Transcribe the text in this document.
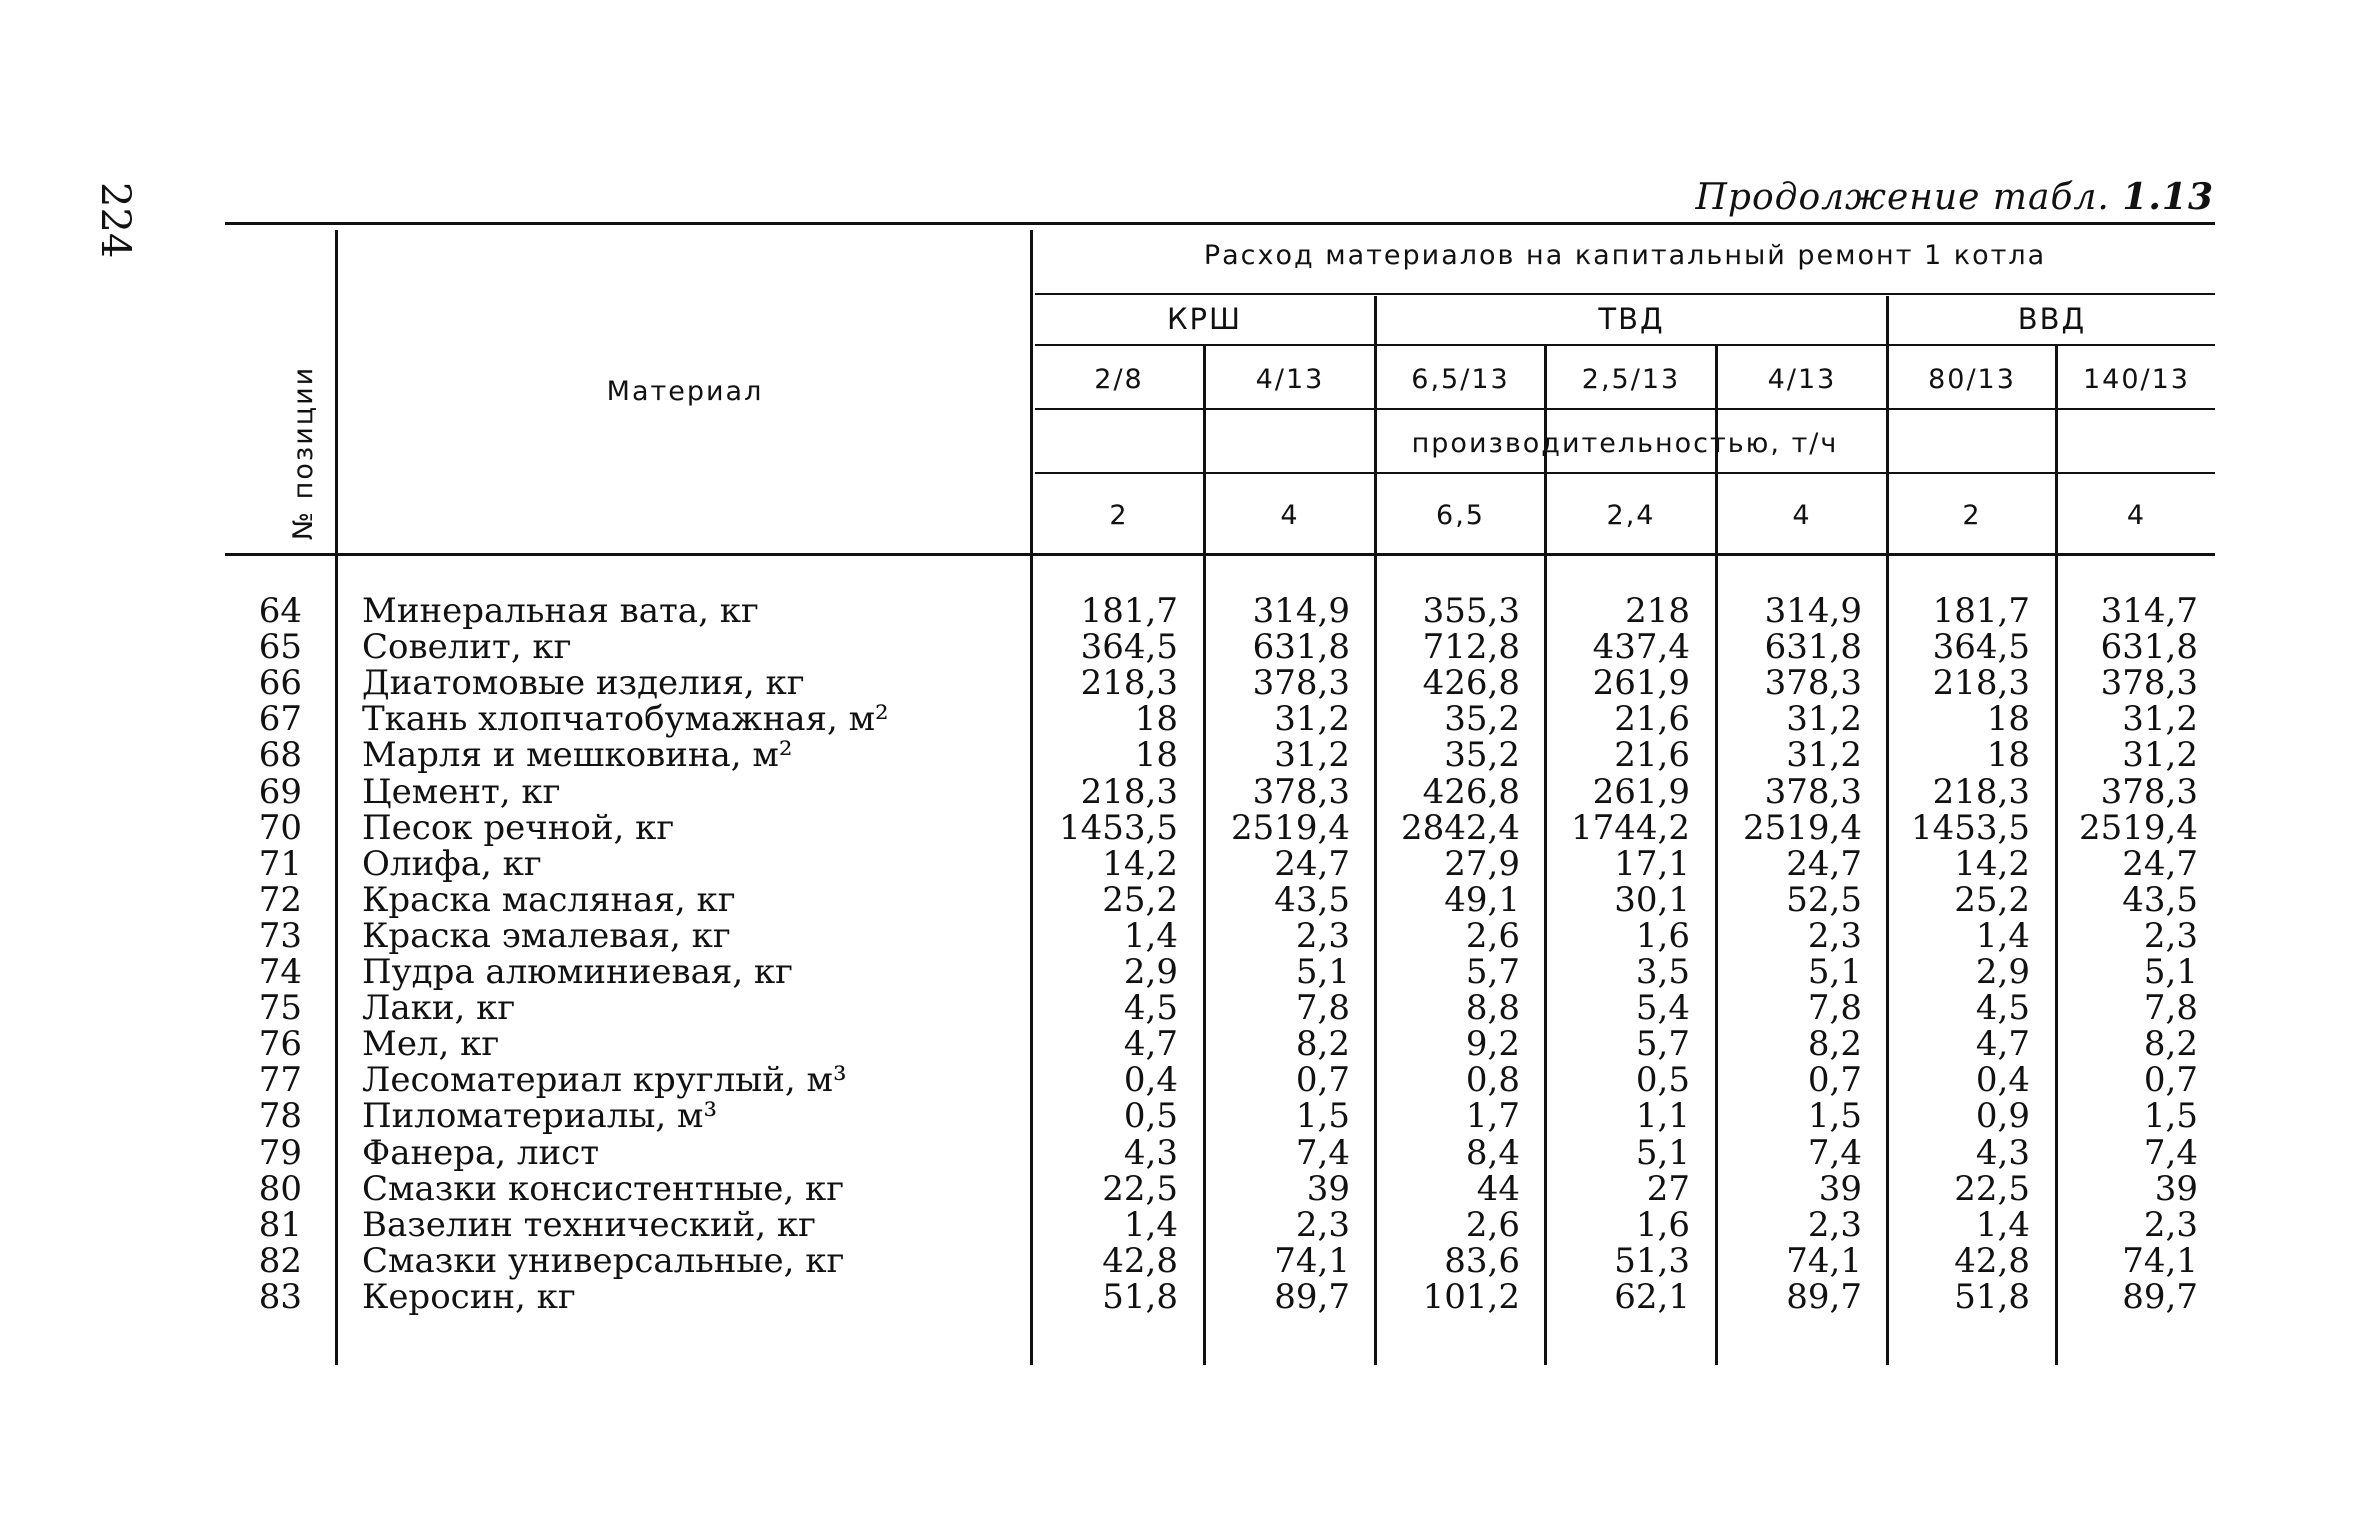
224	Продолжение табл. 1.13
№ позиции	Материал
Расход материалов на капитальный ремонт 1 котла
КРШ	ТВД	ВВД
2/8	4/13	6,5/13	2,5/13	4/13	80/13	140/13
производительностью, т/ч
2	4	6,5	2,4	4	2	4
64 Минеральная вата, кг	181,7 314,9 355,3	218 314,9 181,7 314,7
65 Совелит, кг	364,5 631,8 712,8 437,4 631,8 364,5 631,8
66 Диатомовые изделия, кг	218,3 378,3 426,8 261,9 378,3 218,3 378,3
67 Ткань хлопчатобумажная, м²	18	31,2	35,2	21,6	31,2	18	31,2
68 Марля и мешковина, м²	18	31,2	35,2	21,6	31,2	18	31,2
69 Цемент, кг	218,3 378,3 426,8 261,9 378,3 218,3 378,3
70 Песок речной, кг	1453,5 2519,4 2842,4 1744,2 2519,4 1453,5 2519,4
71 Олифа, кг	14,2	24,7	27,9	17,1	24,7	14,2	24,7
72 Краска масляная, кг	25,2	43,5	49,1	30,1	52,5	25,2	43,5
73 Краска эмалевая, кг	1,4	2,3	2,6	1,6	2,3	1,4	2,3
74 Пудра алюминиевая, кг	2,9	5,1	5,7	3,5	5,1	2,9	5,1
75 Лаки, кг	4,5	7,8	8,8	5,4	7,8	4,5	7,8
76 Мел, кг	4,7	8,2	9,2	5,7	8,2	4,7	8,2
77 Лесоматериал круглый, м³	0,4	0,7	0,8	0,5	0,7	0,4	0,7
78 Пиломатериалы, м³	0,5	1,5	1,7	1,1	1,5	0,9	1,5
79 Фанера, лист	4,3	7,4	8,4	5,1	7,4	4,3	7,4
80 Смазки консистентные, кг	22,5	39	44	27	39	22,5	39
81 Вазелин технический, кг	1,4	2,3	2,6	1,6	2,3	1,4	2,3
82 Смазки универсальные, кг	42,8	74,1	83,6	51,3	74,1	42,8	74,1
83 Керосин, кг	51,8	89,7 101,2	62,1	89,7	51,8	89,7
